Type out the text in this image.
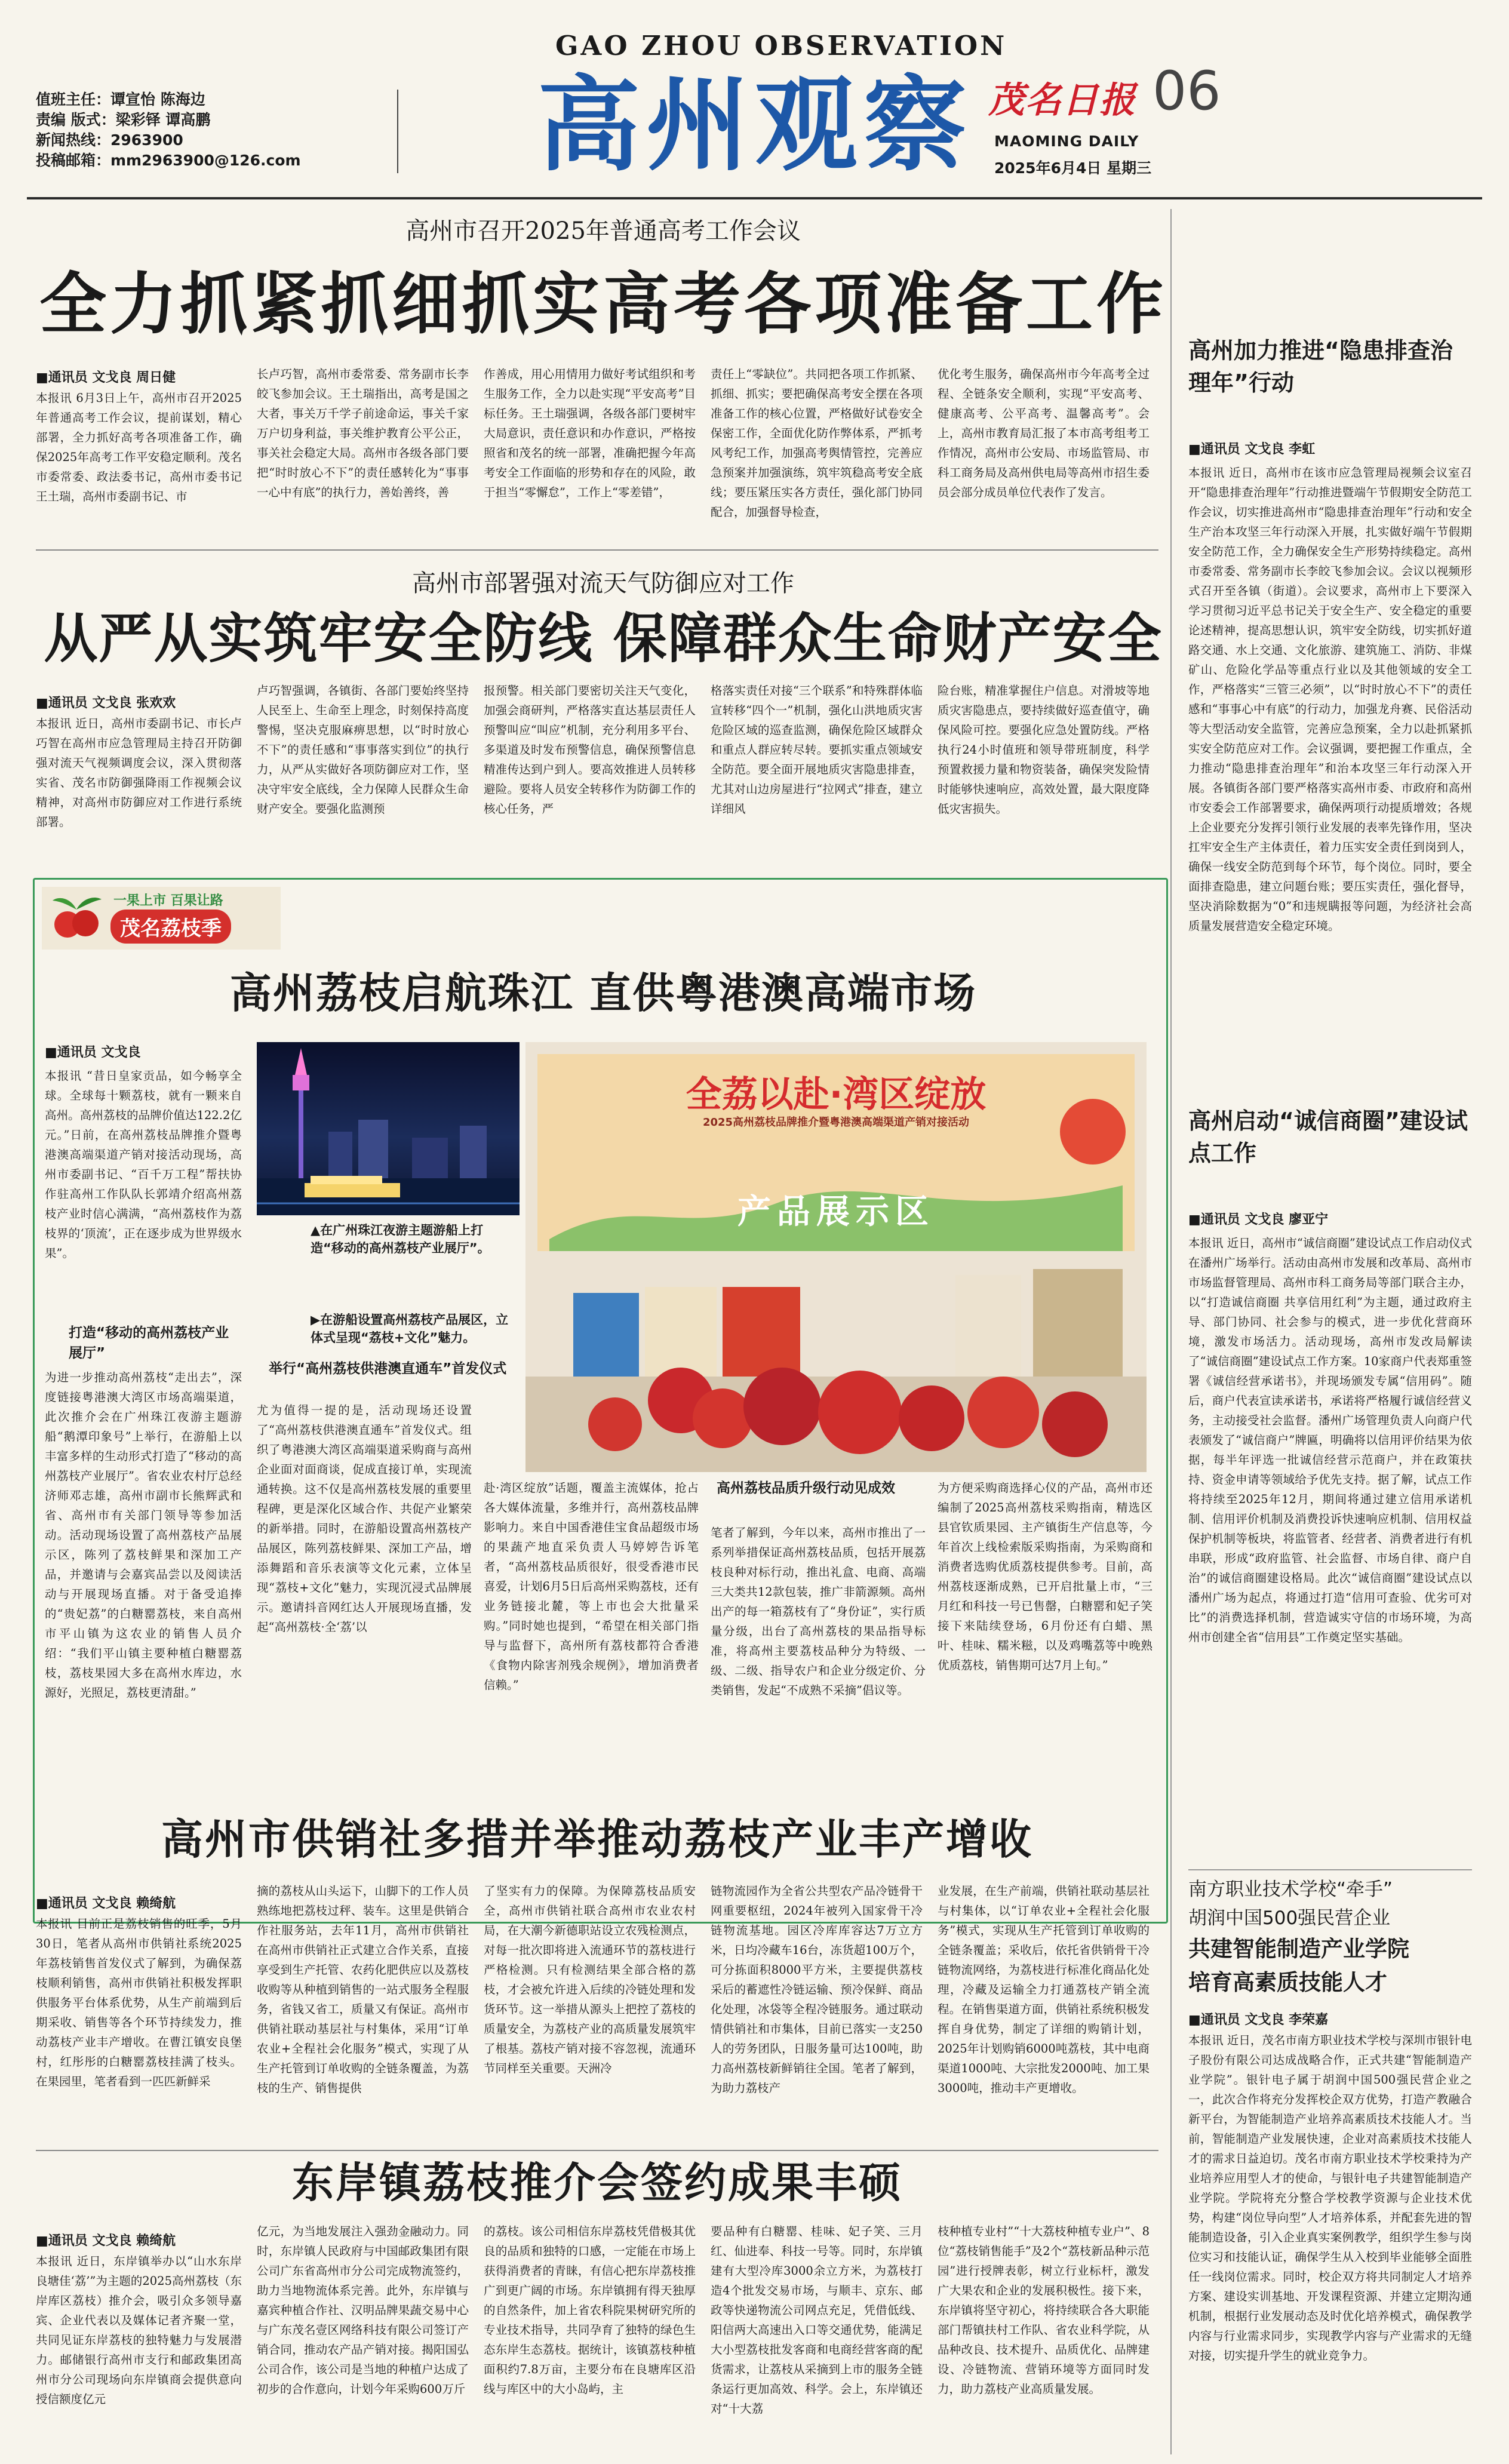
值班主任：谭宣怡 陈海边
责编 版式：梁彩铎 谭高鹏
新闻热线：2963900
投稿邮箱：mm2963900@126.com
GAO ZHOU OBSERVATION
高州观察 茂名日报 06
MAOMING DAILY
2025年6月4日 星期三
高州市召开2025年普通高考工作会议
全力抓紧抓细抓实高考各项准备工作
■通讯员 文戈良 周日健
本报讯 6月3日上午，高州市召开2025年普通高考工作会议，提前谋划，精心部署，全力抓好高考各项准备工作，确保2025年高考工作平安稳定顺利。茂名市委常委、政法委书记，高州市委书记王土瑞，高州市委副书记、市
长卢巧智，高州市委常委、常务副市长李皎飞参加会议。王土瑞指出，高考是国之大者，事关万千学子前途命运，事关千家万户切身利益，事关维护教育公平公正，事关社会稳定大局。高州市各级各部门要把“时时放心不下”的责任感转化为“事事一心中有底”的执行力，善始善终，善
作善成，用心用情用力做好考试组织和考生服务工作，全力以赴实现“平安高考”目标任务。王土瑞强调，各级各部门要树牢大局意识，责任意识和办作意识，严格按照省和茂名的统一部署，准确把握今年高考安全工作面临的形势和存在的风险，敢于担当“零懈怠”，工作上“零差错”，
责任上“零缺位”。共同把各项工作抓紧、抓细、抓实；要把确保高考安全摆在各项准备工作的核心位置，严格做好试卷安全保密工作，全面优化防作弊体系，严抓考风考纪工作，加强高考舆情管控，完善应急预案并加强演练，筑牢筑稳高考安全底线；要压紧压实各方责任，强化部门协同配合，加强督导检查，
优化考生服务，确保高州市今年高考全过程、全链条安全顺利，实现“平安高考、健康高考、公平高考、温馨高考”。会上，高州市教育局汇报了本市高考组考工作情况，高州市公安局、市场监管局、市科工商务局及高州供电局等高州市招生委员会部分成员单位代表作了发言。
高州市部署强对流天气防御应对工作
从严从实筑牢安全防线 保障群众生命财产安全
■通讯员 文戈良 张欢欢
本报讯 近日，高州市委副书记、市长卢巧智在高州市应急管理局主持召开防御强对流天气视频调度会议，深入贯彻落实省、茂名市防御强降雨工作视频会议精神，对高州市防御应对工作进行系统部署。
卢巧智强调，各镇街、各部门要始终坚持人民至上、生命至上理念，时刻保持高度警惕，坚决克服麻痹思想，以“时时放心不下”的责任感和“事事落实到位”的执行力，从严从实做好各项防御应对工作，坚决守牢安全底线，全力保障人民群众生命财产安全。要强化监测预
报预警。相关部门要密切关注天气变化，加强会商研判，严格落实直达基层责任人预警叫应“叫应”机制，充分利用多平台、多渠道及时发布预警信息，确保预警信息精准传达到户到人。要高效推进人员转移避险。要将人员安全转移作为防御工作的核心任务，严
格落实责任对接“三个联系”和特殊群体临宣转移“四个一”机制，强化山洪地质灾害危险区域的巡查监测，确保危险区域群众和重点人群应转尽转。要抓实重点领域安全防范。要全面开展地质灾害隐患排查，尤其对山边房屋进行“拉网式”排查，建立详细风
险台账，精准掌握住户信息。对滑坡等地质灾害隐患点，要持续做好巡查值守，确保风险可控。要强化应急处置防线。严格执行24小时值班和领导带班制度，科学预置救援力量和物资装备，确保突发险情时能够快速响应，高效处置，最大限度降低灾害损失。
高州加力推进“隐患排查治理年”行动
■通讯员 文戈良 李虹
本报讯 近日，高州市在该市应急管理局视频会议室召开“隐患排查治理年”行动推进暨端午节假期安全防范工作会议，切实推进高州市“隐患排查治理年”行动和安全生产治本攻坚三年行动深入开展，扎实做好端午节假期安全防范工作，全力确保安全生产形势持续稳定。高州市委常委、常务副市长李皎飞参加会议。会议以视频形式召开至各镇（街道）。会议要求，高州市上下要深入学习贯彻习近平总书记关于安全生产、安全稳定的重要论述精神，提高思想认识，筑牢安全防线，切实抓好道路交通、水上交通、文化旅游、建筑施工、消防、非煤矿山、危险化学品等重点行业以及其他领域的安全工作，严格落实“三管三必须”，以“时时放心不下”的责任感和“事事心中有底”的行动力，加强龙舟赛、民俗活动等大型活动安全监管，完善应急预案，全力以赴抓紧抓实安全防范应对工作。会议强调，要把握工作重点，全力推动“隐患排查治理年”和治本攻坚三年行动深入开展。各镇街各部门要严格落实高州市委、市政府和高州市安委会工作部署要求，确保两项行动提质增效；各规上企业要充分发挥引领行业发展的表率先锋作用，坚决扛牢安全生产主体责任，着力压实安全责任到岗到人，确保一线安全防范到每个环节，每个岗位。同时，要全面排查隐患，建立问题台账；要压实责任，强化督导，坚决消除数据为“0”和违规瞒报等问题，为经济社会高质量发展营造安全稳定环境。
高州启动“诚信商圈”建设试点工作
■通讯员 文戈良 廖亚宁
本报讯 近日，高州市“诚信商圈”建设试点工作启动仪式在潘州广场举行。活动由高州市发展和改革局、高州市市场监督管理局、高州市科工商务局等部门联合主办，以“打造诚信商圈 共享信用红利”为主题，通过政府主导、部门协同、社会参与的模式，进一步优化营商环境，激发市场活力。活动现场，高州市发改局解读了“诚信商圈”建设试点工作方案。10家商户代表郑重签署《诚信经营承诺书》，并现场颁发专属“信用码”。随后，商户代表宣读承诺书，承诺将严格履行诚信经营义务，主动接受社会监督。潘州广场管理负责人向商户代表颁发了“诚信商户”牌匾，明确将以信用评价结果为依据，每半年评选一批诚信经营示范商户，并在政策扶持、资金申请等领域给予优先支持。据了解，试点工作将持续至2025年12月，期间将通过建立信用承诺机制、信用评价机制及消费投诉快速响应机制、信用权益保护机制等板块，将监管者、经营者、消费者进行有机串联，形成“政府监管、社会监督、市场自律、商户自治”的诚信商圈建设格局。此次“诚信商圈”建设试点以潘州广场为起点，将通过打造“信用可查验、优劣可对比”的消费选择机制，营造诚实守信的市场环境，为高州市创建全省“信用县”工作奠定坚实基础。
南方职业技术学校“牵手”
胡润中国500强民营企业
共建智能制造产业学院
培育高素质技能人才
■通讯员 文戈良 李荣嘉
本报讯 近日，茂名市南方职业技术学校与深圳市银针电子股份有限公司达成战略合作，正式共建“智能制造产业学院”。银针电子属于胡润中国500强民营企业之一，此次合作将充分发挥校企双方优势，打造产教融合新平台，为智能制造产业培养高素质技术技能人才。当前，智能制造产业发展快速，企业对高素质技术技能人才的需求日益迫切。茂名市南方职业技术学校秉持为产业培养应用型人才的使命，与银针电子共建智能制造产业学院。学院将充分整合学校教学资源与企业技术优势，构建“岗位导向型”人才培养体系，并配套先进的智能制造设备，引入企业真实案例教学，组织学生参与岗位实习和技能认证，确保学生从入校到毕业能够全面胜任一线岗位需求。同时，校企双方将共同制定人才培养方案、建设实训基地、开发课程资源、并建立定期沟通机制，根据行业发展动态及时优化培养模式，确保教学内容与行业需求同步，实现教学内容与产业需求的无缝对接，切实提升学生的就业竞争力。
一果上市 百果让路
茂名荔枝季
高州荔枝启航珠江 直供粤港澳高端市场
■通讯员 文戈良
本报讯 “昔日皇家贡品，如今畅享全球。全球每十颗荔枝，就有一颗来自高州。高州荔枝的品牌价值达122.2亿元。”日前，在高州荔枝品牌推介暨粤港澳高端渠道产销对接活动现场，高州市委副书记、“百千万工程”帮扶协作驻高州工作队队长郭靖介绍高州荔枝产业时信心满满，“高州荔枝作为荔枝界的‘顶流’，正在逐步成为世界级水果”。
打造“移动的高州荔枝产业展厅”
为进一步推动高州荔枝“走出去”，深度链接粤港澳大湾区市场高端渠道，此次推介会在广州珠江夜游主题游船“鹅潭印象号”上举行，在游船上以丰富多样的生动形式打造了“移动的高州荔枝产业展厅”。省农业农村厅总经济师邓志雄，高州市副市长熊辉武和省、高州市有关部门领导等参加活动。活动现场设置了高州荔枝产品展示区，陈列了荔枝鲜果和深加工产品，并邀请与会嘉宾品尝以及阅读活动与开展现场直播。对于备受追捧的“贵妃荔”的白糖罂荔枝，来自高州市平山镇为这农业的销售人员介绍：“我们平山镇主要种植白糖罂荔枝，荔枝果园大多在高州水库边，水源好，光照足，荔枝更清甜。”
▲在广州珠江夜游主题游船上打造“移动的高州荔枝产业展厅”。
▶在游船设置高州荔枝产品展区，立体式呈现“荔枝+文化”魅力。
全荔以赴·湾区绽放
2025高州荔枝品牌推介暨粤港澳高端渠道产销对接活动
产品展示区
举行“高州荔枝供港澳直通车”首发仪式
尤为值得一提的是，活动现场还设置了“高州荔枝供港澳直通车”首发仪式。组织了粤港澳大湾区高端渠道采购商与高州企业面对面商谈，促成直接订单，实现流通转换。这不仅是高州荔枝发展的重要里程碑，更是深化区域合作、共促产业繁荣的新举措。同时，在游船设置高州荔枝产品展区，陈列荔枝鲜果、深加工产品，增添舞蹈和音乐表演等文化元素，立体呈现“荔枝+文化”魅力，实现沉浸式品牌展示。邀请抖音网红达人开展现场直播，发起“高州荔枝·全‘荔’以
赴·湾区绽放”话题，覆盖主流媒体，抢占各大媒体流量，多维并行，高州荔枝品牌影响力。来自中国香港佳宝食品超级市场的果蔬产地直采负责人马婷婷告诉笔者，“高州荔枝品质很好，很受香港市民喜爱，计划6月5日后高州采购荔枝，还有业务链接北麓，等上市也会大批量采购。”同时她也提到，“希望在相关部门指导与监督下，高州所有荔枝都符合香港《食物内除害剂残余规例》，增加消费者信赖。”
高州荔枝品质升级行动见成效
笔者了解到，今年以来，高州市推出了一系列举措保证高州荔枝品质，包括开展荔枝良种对标行动，推出礼盒、电商、高端三大类共12款包装，推广非箭源频。高州出产的每一箱荔枝有了“身份证”，实行质量分级，出台了高州荔枝的果品指导标准，将高州主要荔枝品种分为特级、一级、二级、指导农户和企业分级定价、分类销售，发起“不成熟不采摘”倡议等。
为方便采购商选择心仪的产品，高州市还编制了2025高州荔枝采购指南，精选区县官钦质果园、主产镇街生产信息等，今年首次上线检索版采购指南，为采购商和消费者选购优质荔枝提供参考。目前，高州荔枝逐渐成熟，已开启批量上市，“三月红和科技一号已售罄，白糖罂和妃子笑接下来陆续登场，6月份还有白蜡、黑叶、桂味、糯米糍，以及鸡嘴荔等中晚熟优质荔枝，销售期可达7月上旬。”
高州市供销社多措并举推动荔枝产业丰产增收
■通讯员 文戈良 赖绮航
本报讯 目前正是荔枝销售的旺季，5月30日，笔者从高州市供销社系统2025年荔枝销售首发仪式了解到，为确保荔枝顺利销售，高州市供销社积极发挥职供服务平台体系优势，从生产前端到后期采收、销售等各个环节持续发力，推动荔枝产业丰产增收。在曹江镇安良堡村，红彤彤的白糖罂荔枝挂满了枝头。在果园里，笔者看到一匹匹新鲜采
摘的荔枝从山头运下，山脚下的工作人员熟练地把荔枝过秤、装车。这里是供销合作社服务站，去年11月，高州市供销社在高州市供销社正式建立合作关系，直接享受到生产托管、农药化肥供应以及荔枝收购等从种植到销售的一站式服务全程服务，省钱又省工，质量又有保证。高州市供销社联动基层社与村集体，采用“订单农业+全程社会化服务”模式，实现了从生产托管到订单收购的全链条覆盖，为荔枝的生产、销售提供
了坚实有力的保障。为保障荔枝品质安全，高州市供销社联合高州市农业农村局，在大潮今新德职站设立农残检测点，对每一批次即将进入流通环节的荔枝进行严格检测。只有检测结果全部合格的荔枝，才会被允许进入后续的冷链处理和发货环节。这一举措从源头上把控了荔枝的质量安全，为荔枝产业的高质量发展筑牢了根基。荔枝产销对接不容忽视，流通环节同样至关重要。天洲冷
链物流园作为全省公共型农产品冷链骨干网重要枢纽，2024年被列入国家骨干冷链物流基地。园区冷库库容达7万立方米，日均冷藏车16台，冻货超100万个，可分拣面积8000平方米，主要提供荔枝采后的蓄遮性冷链运输、预冷保鲜、商品化处理，冰袋等全程冷链服务。通过联动情供销社和市集体，目前已落实一支250人的劳务团队，日服务量可达100吨，助力高州荔枝新鲜销往全国。笔者了解到，为助力荔枝产
业发展，在生产前端，供销社联动基层社与村集体，以“订单农业+全程社会化服务”模式，实现从生产托管到订单收购的全链条覆盖；采收后，依托省供销骨干冷链物流网络，为荔枝进行标准化商品化处理，冷藏及运输全力打通荔枝产销全流程。在销售渠道方面，供销社系统积极发挥自身优势，制定了详细的购销计划，2025年计划购销6000吨荔枝，其中电商渠道1000吨、大宗批发2000吨、加工果3000吨，推动丰产更增收。
东岸镇荔枝推介会签约成果丰硕
■通讯员 文戈良 赖绮航
本报讯 近日，东岸镇举办以“山水东岸 良塘佳‘荔’”为主题的2025高州荔枝（东岸库区荔枝）推介会，吸引众多领导嘉宾、企业代表以及媒体记者齐聚一堂，共同见证东岸荔枝的独特魅力与发展潜力。邮储银行高州市支行和邮政集团高州市分公司现场向东岸镇商会提供意向授信额度亿元
亿元，为当地发展注入强劲金融动力。同时，东岸镇人民政府与中国邮政集团有限公司广东省高州市分公司完成物流签约，助力当地物流体系完善。此外，东岸镇与嘉宾种植合作社、汉明品牌果蔬交易中心与广东茂名壹区网络科技有限公司签订产销合同，推动农产品产销对接。揭阳国弘公司合作，该公司是当地的种植户达成了初步的合作意向，计划今年采购600万斤
的荔枝。该公司相信东岸荔枝凭借极其优良的品质和独特的口感，一定能在市场上获得消费者的青睐，有信心把东岸荔枝推广到更广阔的市场。东岸镇拥有得天独厚的自然条件，加上省农科院果树研究所的专业技术指导，共同孕育了独特的绿色生态东岸生态荔枝。据统计，该镇荔枝种植面积约7.8万亩，主要分布在良塘库区沿线与库区中的大小岛屿，主
要品种有白糖罂、桂味、妃子笑、三月红、仙进奉、科技一号等。同时，东岸镇建有大型冷库3000余立方米，为荔枝打造4个批发交易市场，与顺丰、京东、邮政等快递物流公司网点充足，凭借低线、阳信两大高速出入口等交通优势，能满足大小型荔枝批发客商和电商经营客商的配货需求，让荔枝从采摘到上市的服务全链条运行更加高效、科学。会上，东岸镇还对“十大荔
枝种植专业村”“十大荔枝种植专业户”、8位“荔枝销售能手”及2个“荔枝新品种示范园”进行授牌表彰，树立行业标杆，激发广大果农和企业的发展积极性。接下来，东岸镇将坚守初心，将持续联合各大职能部门帮镇扶村工作队、省农业科学院，从品种改良、技术提升、品质优化、品牌建设、冷链物流、营销环境等方面同时发力，助力荔枝产业高质量发展。
